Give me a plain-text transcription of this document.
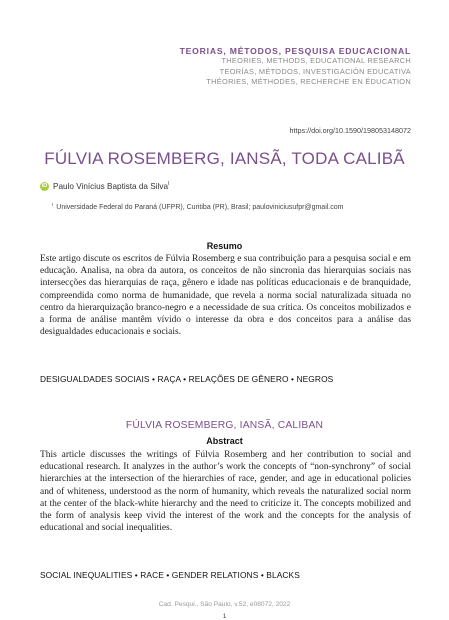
TEORIAS, MÉTODOS, PESQUISA EDUCACIONAL
THEORIES, METHODS, EDUCATIONAL RESEARCH
TEORÍAS, MÉTODOS, INVESTIGACIÓN EDUCATIVA
THÉORIES, MÉTHODES, RECHERCHE EN ÉDUCATION
https://doi.org/10.1590/198053148072
FÚLVIA ROSEMBERG, IANSÃ, TODA CALIBÃ
iD Paulo Vinícius Baptista da Silva$^I$
$^I$ Universidade Federal do Paraná (UFPR), Curitiba (PR), Brasil; paulovinicius​ufpr@gmail.com
Resumo

Este artigo discute os escritos de Fúlvia Rosemberg e sua contribuição para a pesquisa social e em educação. Analisa, na obra da autora, os conceitos de não sincronia das hierarquias sociais nas intersecções das hierarquias de raça, gênero e idade nas políticas educacionais e de branquidade, compreendida como norma de humanidade, que revela a norma social naturalizada situada no centro da hierarquização branco-negro e a necessidade de sua crítica. Os conceitos mobilizados e a forma de análise mantêm vívido o interesse da obra e dos conceitos para a análise das desigualdades educacionais e sociais.

DESIGUALDADES SOCIAIS • RAÇA • RELAÇÕES DE GÊNERO • NEGROS
FÚLVIA ROSEMBERG, IANSÃ, CALIBAN
Abstract

This article discusses the writings of Fúlvia Rosemberg and her contribution to social and educational research. It analyzes in the author’s work the concepts of “non-synchrony” of social hierarchies at the intersection of the hierarchies of race, gender, and age in educational policies and of whiteness, understood as the norm of humanity, which reveals the naturalized social norm at the center of the black-white hierarchy and the need to criticize it. The concepts mobilized and the form of analysis keep vivid the interest of the work and the concepts for the analysis of educational and social inequalities.

SOCIAL INEQUALITIES • RACE • GENDER RELATIONS • BLACKS
Cad. Pesqui., São Paulo, v.52, e08072, 2022
1
